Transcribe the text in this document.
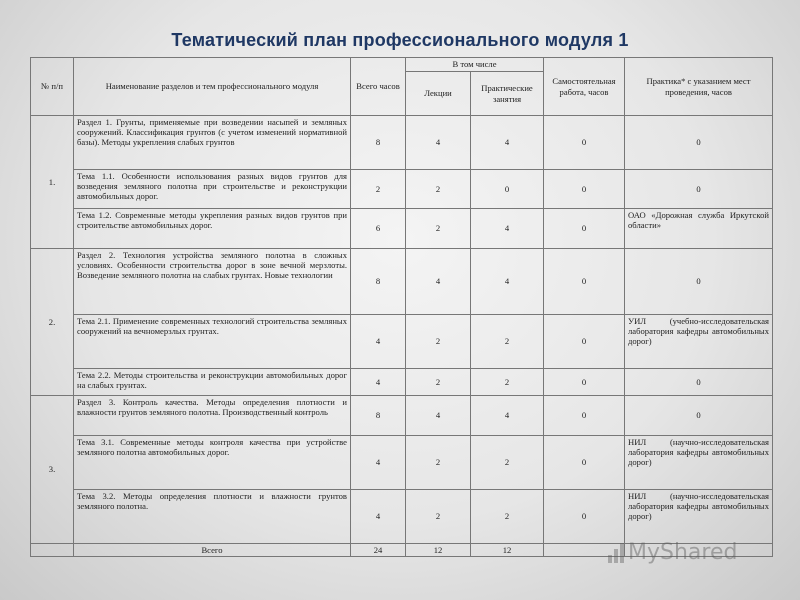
Тематический план профессионального модуля 1
№ п/п	Наименование разделов и тем профессионального модуля	Всего часов	В том числе		Самостоятельная работа, часов	Практика* с указанием мест проведения, часов
			Лекции	Практические занятия		
1.	Раздел 1. Грунты, применяемые при возведении насыпей и земляных сооружений. Классификация грунтов (с учетом изменений нормативной базы). Методы укрепления слабых грунтов	8	4	4	0	0
	Тема 1.1. Особенности использования разных видов грунтов для возведения земляного полотна при строительстве и реконструкции автомобильных дорог.	2	2	0	0	0
	Тема 1.2. Современные методы укрепления разных видов грунтов при строительстве автомобильных дорог.	6	2	4	0	ОАО «Дорожная служба Иркутской области»
2.	Раздел 2. Технология устройства земляного полотна в сложных условиях. Особенности строительства дорог в зоне вечной мерзлоты. Возведение земляного полотна на слабых грунтах. Новые технологии	8	4	4	0	0
	Тема 2.1. Применение современных технологий строительства земляных сооружений на вечномерзлых грунтах.	4	2	2	0	УИЛ (учебно-исследовательская лаборатория кафедры автомобильных дорог)
	Тема 2.2. Методы строительства и реконструкции автомобильных дорог на слабых грунтах.	4	2	2	0	0
3.	Раздел 3. Контроль качества. Методы определения плотности и влажности грунтов земляного полотна. Производственный контроль	8	4	4	0	0
	Тема 3.1. Современные методы контроля качества при устройстве земляного полотна автомобильных дорог.	4	2	2	0	НИЛ (научно-исследовательская лаборатория кафедры автомобильных дорог)
	Тема 3.2. Методы определения плотности и влажности грунтов земляного полотна.	4	2	2	0	НИЛ (научно-исследовательская лаборатория кафедры автомобильных дорог)
	Всего	24	12	12			MyShared
